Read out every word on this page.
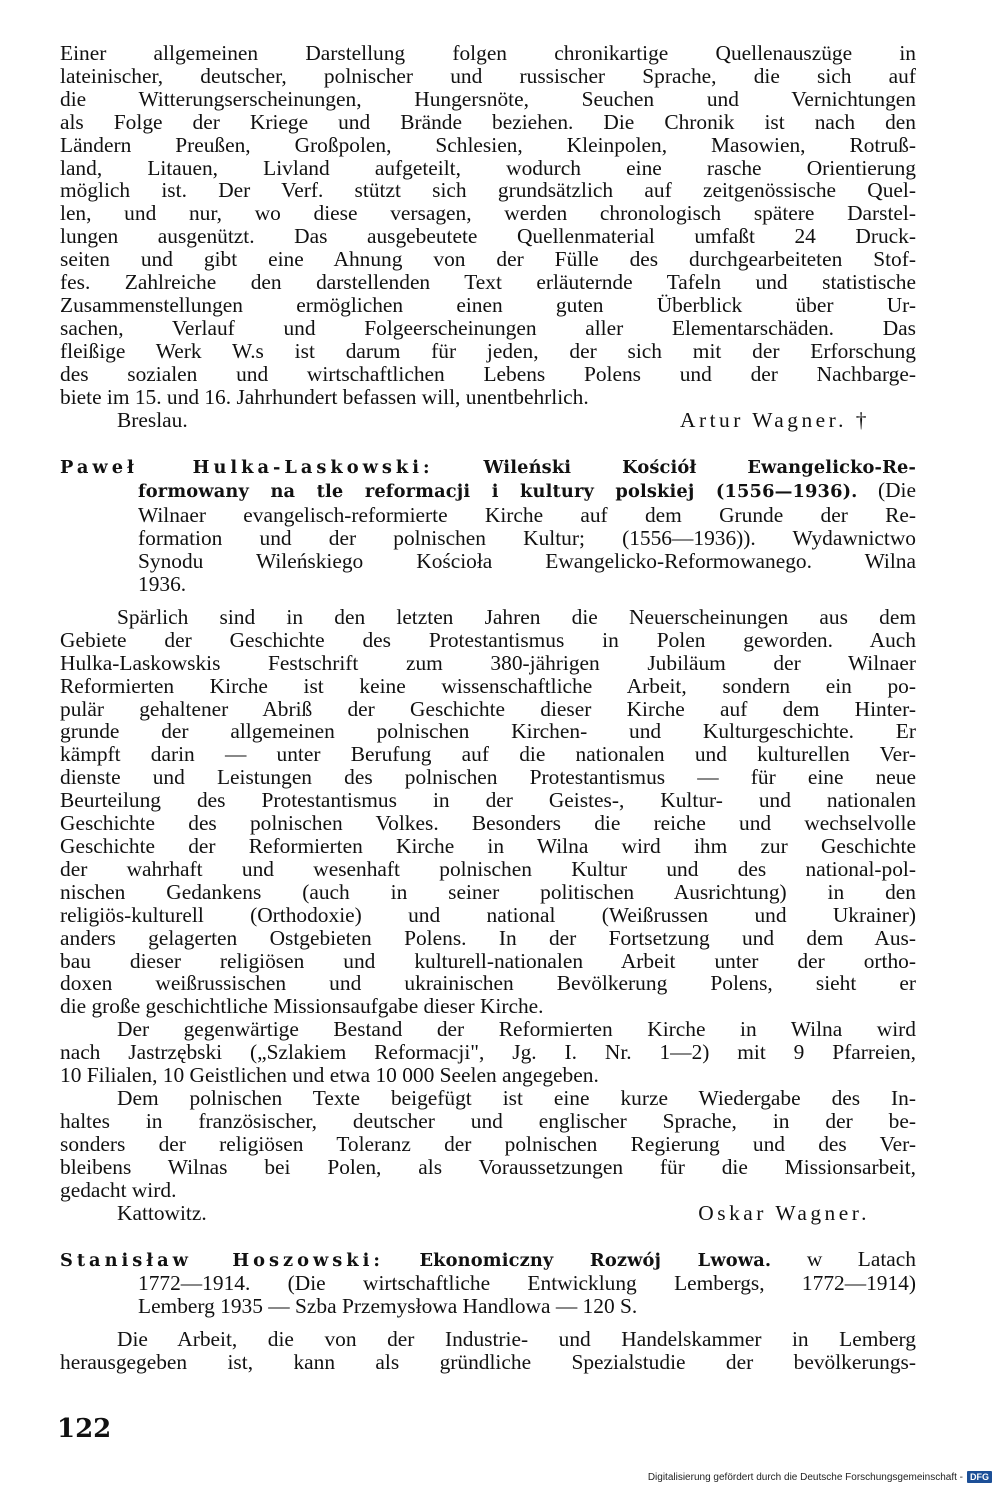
Einer allgemeinen Darstellung folgen chronikartige Quellenauszüge in

lateinischer, deutscher, polnischer und russischer Sprache, die sich auf

die Witterungserscheinungen, Hungersnöte, Seuchen und Vernichtungen

als Folge der Kriege und Brände beziehen. Die Chronik ist nach den

Ländern Preußen, Großpolen, Schlesien, Kleinpolen, Masowien, Rotruß-

land, Litauen, Livland aufgeteilt, wodurch eine rasche Orientierung

möglich ist. Der Verf. stützt sich grundsätzlich auf zeitgenössische Quel-

len, und nur, wo diese versagen, werden chronologisch spätere Darstel-

lungen ausgenützt. Das ausgebeutete Quellenmaterial umfaßt 24 Druck-

seiten und gibt eine Ahnung von der Fülle des durchgearbeiteten Stof-

fes. Zahlreiche den darstellenden Text erläuternde Tafeln und statistische

Zusammenstellungen ermöglichen einen guten Überblick über Ur-

sachen, Verlauf und Folgeerscheinungen aller Elementarschäden. Das

fleißige Werk W.s ist darum für jeden, der sich mit der Erforschung

des sozialen und wirtschaftlichen Lebens Polens und der Nachbarge-

biete im 15. und 16. Jahrhundert befassen will, unentbehrlich.

Breslau.	Artur Wagner. †

Paweł Hulka-Laskowski:	Wileński Kościół Ewangelicko-Re-

formowany na tle reformacji i kultury polskiej (1556—1936). (Die

Wilnaer evangelisch-reformierte Kirche auf dem Grunde der Re-

formation und der polnischen Kultur; (1556—1936)). Wydawnictwo

Synodu Wileńskiego Kościoła Ewangelicko-Reformowanego. Wilna

1936.

Spärlich sind in den letzten Jahren die Neuerscheinungen aus dem

Gebiete der Geschichte des Protestantismus in Polen geworden. Auch

Hulka-Laskowskis Festschrift zum 380-jährigen Jubiläum der Wilnaer

Reformierten Kirche ist keine wissenschaftliche Arbeit, sondern ein po-

pulär gehaltener Abriß der Geschichte dieser Kirche auf dem Hinter-

grunde der allgemeinen polnischen Kirchen- und Kulturgeschichte. Er

kämpft darin — unter Berufung auf die nationalen und kulturellen Ver-

dienste und Leistungen des polnischen Protestantismus — für eine neue

Beurteilung des Protestantismus in der Geistes-, Kultur- und nationalen

Geschichte des polnischen Volkes. Besonders die reiche und wechselvolle

Geschichte der Reformierten Kirche in Wilna wird ihm zur Geschichte

der wahrhaft und wesenhaft polnischen Kultur und des national-pol-

nischen Gedankens (auch in seiner politischen Ausrichtung) in den

religiös-kulturell (Orthodoxie) und national (Weißrussen und Ukrainer)

anders gelagerten Ostgebieten Polens. In der Fortsetzung und dem Aus-

bau dieser religiösen und kulturell-nationalen Arbeit unter der ortho-

doxen weißrussischen und ukrainischen Bevölkerung Polens, sieht er

die große geschichtliche Missionsaufgabe dieser Kirche.

Der gegenwärtige Bestand der Reformierten Kirche in Wilna wird

nach Jastrzębski („Szlakiem Reformacji", Jg. I. Nr. 1—2) mit 9 Pfarreien,

10 Filialen, 10 Geistlichen und etwa 10 000 Seelen angegeben.

Dem polnischen Texte beigefügt ist eine kurze Wiedergabe des In-

haltes in französischer, deutscher und englischer Sprache, in der be-

sonders der religiösen Toleranz der polnischen Regierung und des Ver-

bleibens Wilnas bei Polen, als Voraussetzungen für die Missionsarbeit,

gedacht wird.

Kattowitz.	Oskar Wagner.

Stanisław Hoszowski: Ekonomiczny Rozwój Lwowa. w Latach

1772—1914. (Die wirtschaftliche Entwicklung Lembergs, 1772—1914)

Lemberg 1935 — Szba Przemysłowa Handlowa — 120 S.

Die Arbeit, die von der Industrie- und Handelskammer in Lemberg

herausgegeben ist, kann als gründliche Spezialstudie der bevölkerungs-

122
Digitalisierung gefördert durch die Deutsche Forschungsgemeinschaft - DFG
